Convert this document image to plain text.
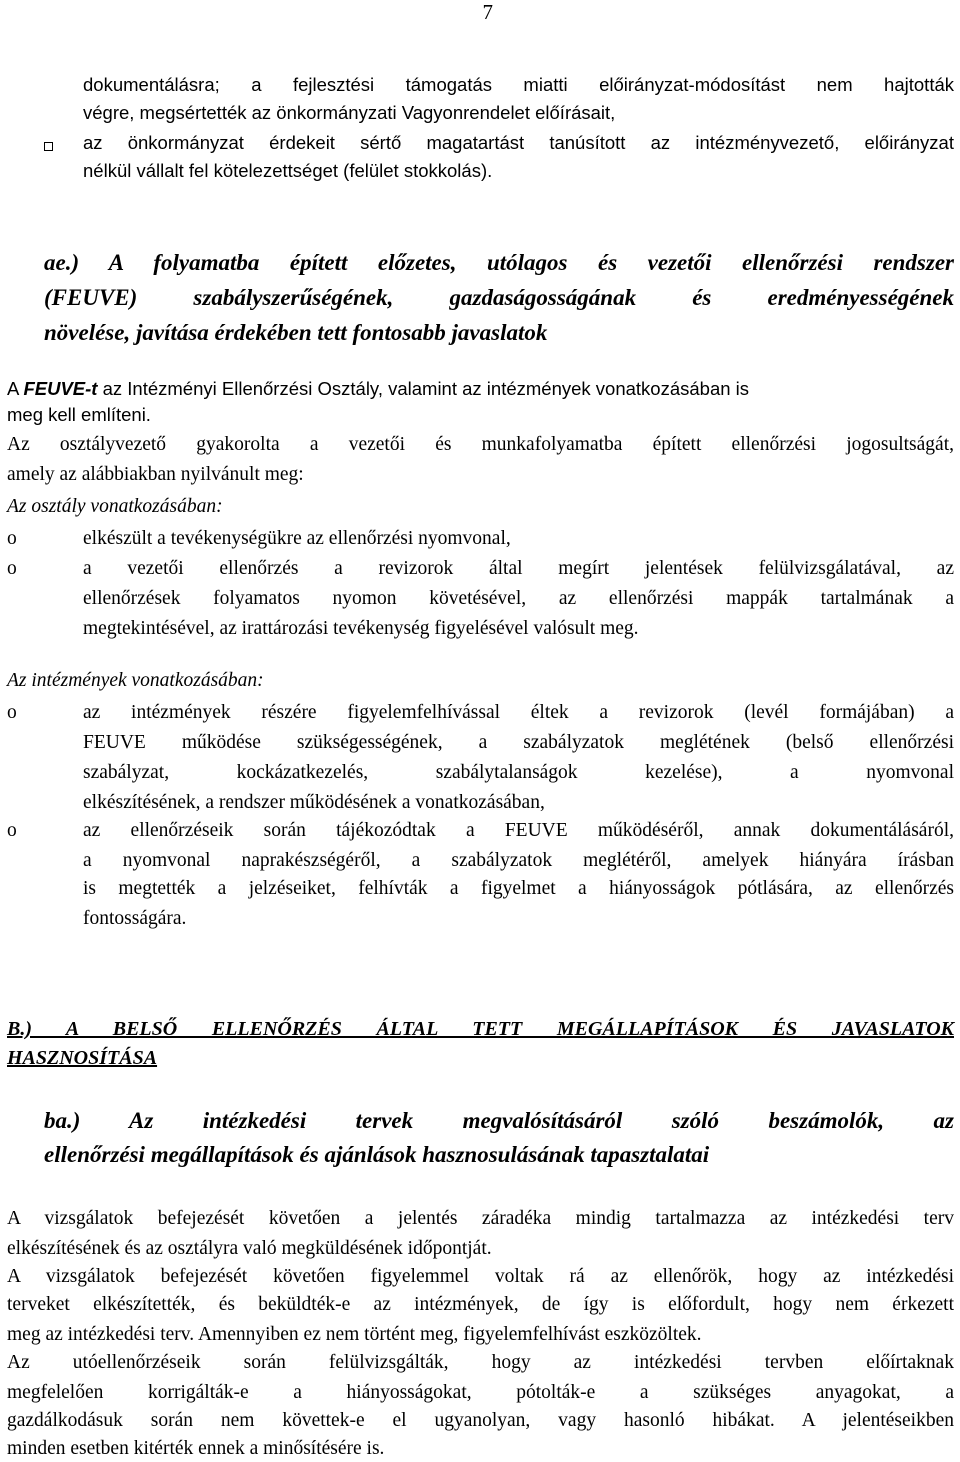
7
dokumentálásra; a fejlesztési támogatás miatti előirányzat-módosítást nem hajtották
végre, megsértették az önkormányzati Vagyonrendelet előírásait,
az önkormányzat érdekeit sértő magatartást tanúsított az intézményvezető, előirányzat
nélkül vállalt fel kötelezettséget (felület stokkolás).
ae.) A folyamatba épített előzetes, utólagos és vezetői ellenőrzési rendszer
(FEUVE) szabályszerűségének, gazdaságosságának és eredményességének
növelése, javítása érdekében tett fontosabb javaslatok
A FEUVE-t az Intézményi Ellenőrzési Osztály, valamint az intézmények vonatkozásában is
meg kell említeni.
Az osztályvezető gyakorolta a vezetői és munkafolyamatba épített ellenőrzési jogosultságát,
amely az alábbiakban nyilvánult meg:
Az osztály vonatkozásában:
o	elkészült a tevékenységükre az ellenőrzési nyomvonal,
o	a vezetői ellenőrzés a revizorok által megírt jelentések felülvizsgálatával, az
ellenőrzések folyamatos nyomon követésével, az ellenőrzési mappák tartalmának a
megtekintésével, az irattározási tevékenység figyelésével valósult meg.
Az intézmények vonatkozásában:
o	az intézmények részére figyelemfelhívással éltek a revizorok (levél formájában) a
FEUVE működése szükségességének, a szabályzatok meglétének (belső ellenőrzési
szabályzat, kockázatkezelés, szabálytalanságok kezelése), a nyomvonal
elkészítésének, a rendszer működésének a vonatkozásában,
o	az ellenőrzéseik során tájékozódtak a FEUVE működéséről, annak dokumentálásáról,
a nyomvonal naprakészségéről, a szabályzatok meglétéről, amelyek hiányára írásban
is megtették a jelzéseiket, felhívták a figyelmet a hiányosságok pótlására, az ellenőrzés
fontosságára.
B.) A BELSŐ ELLENŐRZÉS ÁLTAL TETT MEGÁLLAPÍTÁSOK ÉS JAVASLATOK
HASZNOSÍTÁSA
ba.) Az intézkedési tervek megvalósításáról szóló beszámolók, az
ellenőrzési megállapítások és ajánlások hasznosulásának tapasztalatai
A vizsgálatok befejezését követően a jelentés záradéka mindig tartalmazza az intézkedési terv
elkészítésének és az osztályra való megküldésének időpontját.
A vizsgálatok befejezését követően figyelemmel voltak rá az ellenőrök, hogy az intézkedési
terveket elkészítették, és beküldték-e az intézmények, de így is előfordult, hogy nem érkezett
meg az intézkedési terv. Amennyiben ez nem történt meg, figyelemfelhívást eszközöltek.
Az utóellenőrzéseik során felülvizsgálták, hogy az intézkedési tervben előírtaknak
megfelelően korrigálták-e a hiányosságokat, pótolták-e a szükséges anyagokat, a
gazdálkodásuk során nem követtek-e el ugyanolyan, vagy hasonló hibákat. A jelentéseikben
minden esetben kitérték ennek a minősítésére is.
